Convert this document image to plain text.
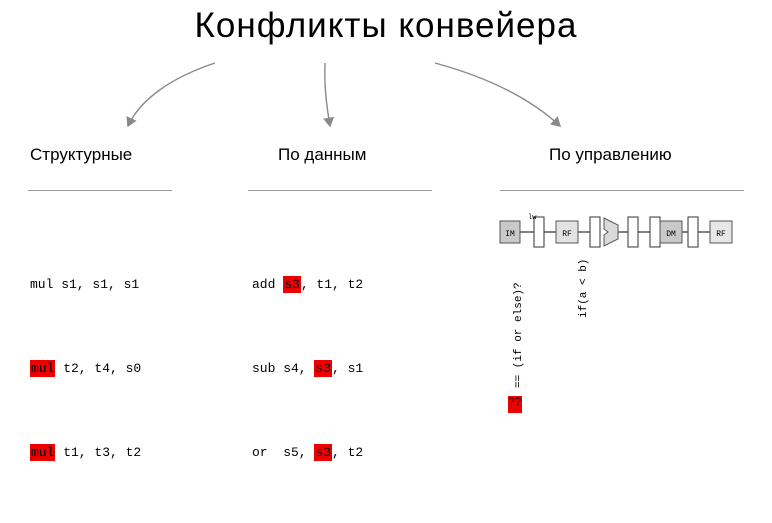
Конфликты конвейера
Структурные

mul s1, s1, s1

mul t2, t4, s0

mul t1, t3, t2

По данным

add s3, t1, t2

sub s4, s3, s1

or  s5, s3, t2

По управлению
IM	RF	DM	RF
lw
if(a < b)
== (if or else)?
??
